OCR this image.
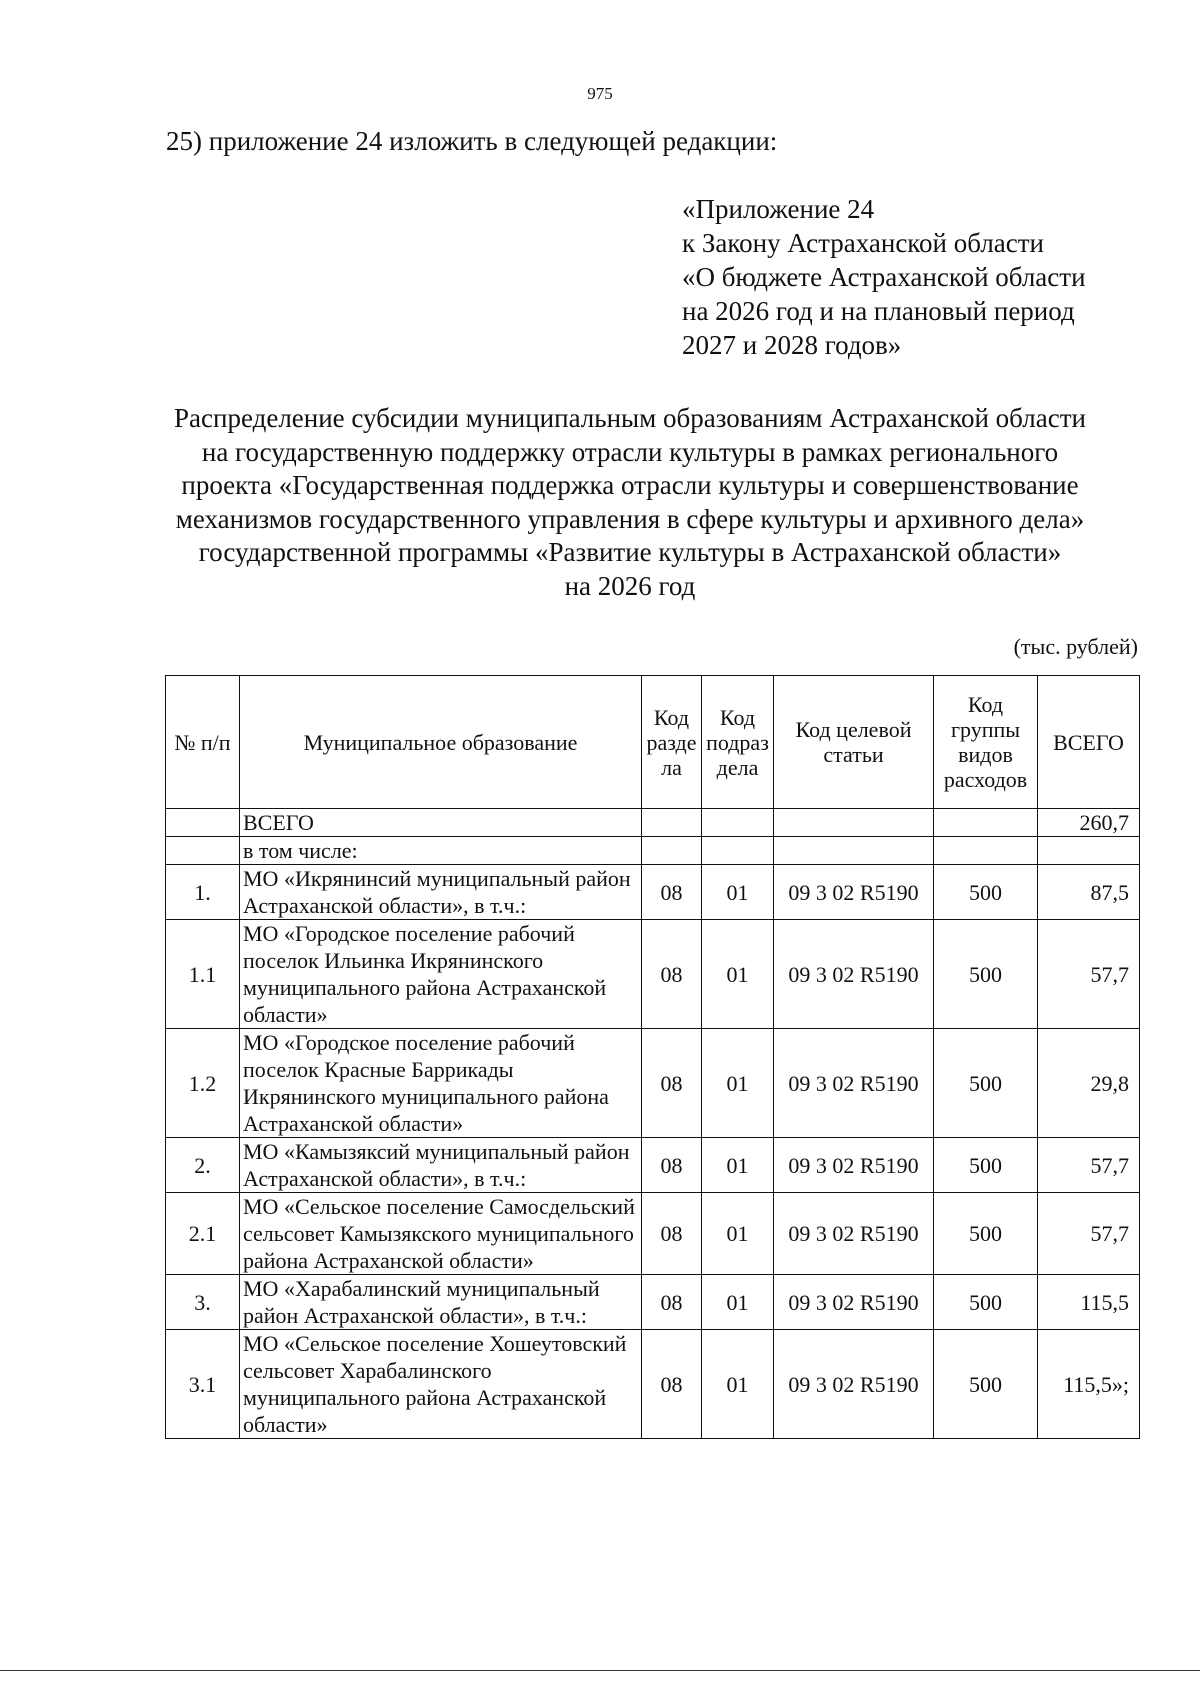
975
25) приложение 24 изложить в следующей редакции:
«Приложение 24
к Закону Астраханской области
«О бюджете Астраханской области
на 2026 год и на плановый период
2027 и 2028 годов»
Распределение субсидии муниципальным образованиям Астраханской области
на государственную поддержку отрасли культуры в рамках регионального
проекта «Государственная поддержка отрасли культуры и совершенствование
механизмов государственного управления в сфере культуры и архивного дела»
государственной программы «Развитие культуры в Астраханской области»
на 2026 год
(тыс. рублей)
№ п/п	Муниципальное образование	Код разде ла	Код подраз дела	Код целевой статьи	Код группы видов расходов	ВСЕГО
	ВСЕГО					260,7
	в том числе:					
1.	МО «Икрянинсий муниципальный район Астраханской области», в т.ч.:	08	01	09 3 02 R5190	500	87,5
1.1	МО «Городское поселение рабочий поселок Ильинка Икрянинского муниципального района Астраханской области»	08	01	09 3 02 R5190	500	57,7
1.2	МО «Городское поселение рабочий поселок Красные Баррикады Икрянинского муниципального района Астраханской области»	08	01	09 3 02 R5190	500	29,8
2.	МО «Камызяксий муниципальный район Астраханской области», в т.ч.:	08	01	09 3 02 R5190	500	57,7
2.1	МО «Сельское поселение Самосдельский сельсовет Камызякского муниципального района Астраханской области»	08	01	09 3 02 R5190	500	57,7
3.	МО «Харабалинский муниципальный район Астраханской области», в т.ч.:	08	01	09 3 02 R5190	500	115,5
3.1	МО «Сельское поселение Хошеутовский сельсовет Харабалинского муниципального района Астраханской области»	08	01	09 3 02 R5190	500	115,5»;
